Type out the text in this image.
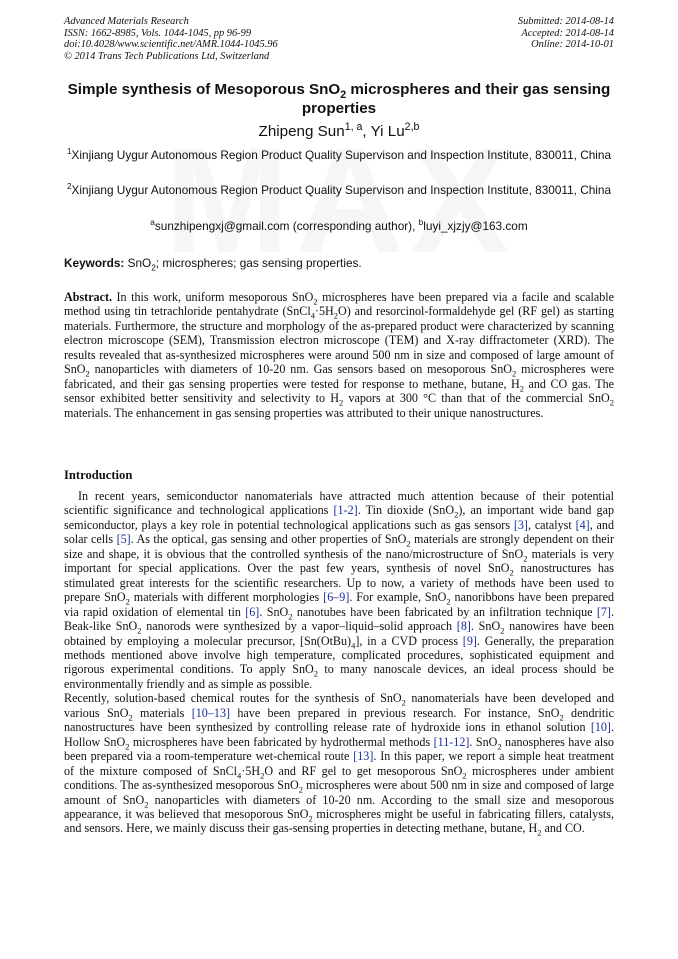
Advanced Materials Research
ISSN: 1662-8985, Vols. 1044-1045, pp 96-99
doi:10.4028/www.scientific.net/AMR.1044-1045.96
© 2014 Trans Tech Publications Ltd, Switzerland
Submitted: 2014-08-14
Accepted: 2014-08-14
Online: 2014-10-01
Simple synthesis of Mesoporous SnO$_2$ microspheres and their gas sensing properties
Zhipeng Sun$^{1, a}$, Yi Lu$^{2,b}$
$^1$Xinjiang Uygur Autonomous Region Product Quality Supervison and Inspection Institute, 830011, China
$^2$Xinjiang Uygur Autonomous Region Product Quality Supervison and Inspection Institute, 830011, China
$^a$sunzhipengxj@gmail.com (corresponding author), $^b$luyi_xjzjy@163.com
Keywords: SnO$_2$; microspheres; gas sensing properties.
Abstract. In this work, uniform mesoporous SnO$_2$ microspheres have been prepared via a facile and scalable method using tin tetrachloride pentahydrate $(SnCl_4\cdot 5H_2O)$ and resorcinol-formaldehyde gel (RF gel) as starting materials. Furthermore, the structure and morphology of the as-prepared product were characterized by scanning electron microscope (SEM), Transmission electron microscope (TEM) and X-ray diffractometer (XRD). The results revealed that as-synthesized microspheres were around 500 nm in size and composed of large amount of SnO$_2$ nanoparticles with diameters of 10-20 nm. Gas sensors based on mesoporous SnO$_2$ microspheres were fabricated, and their gas sensing properties were tested for response to methane, butane, $H_2$ and CO gas. The sensor exhibited better sensitivity and selectivity to $H_2$ vapors at 300 °C than that of the commercial SnO$_2$ materials. The enhancement in gas sensing properties was attributed to their unique nanostructures.
Introduction

In recent years, semiconductor nanomaterials have attracted much attention because of their potential scientific significance and technological applications [1-2]. Tin dioxide (SnO$_2$), an important wide band gap semiconductor, plays a key role in potential technological applications such as gas sensors [3], catalyst [4], and solar cells [5]. As the optical, gas sensing and other properties of SnO$_2$ materials are strongly dependent on their size and shape, it is obvious that the controlled synthesis of the nano/microstructure of SnO$_2$ materials is very important for special applications. Over the past few years, synthesis of novel SnO$_2$ nanostructures has stimulated great interests for the scientific researchers. Up to now, a variety of methods have been used to prepare SnO$_2$ materials with different morphologies [6–9]. For example, SnO$_2$ nanoribbons have been prepared via rapid oxidation of elemental tin [6]. SnO$_2$ nanotubes have been fabricated by an infiltration technique [7]. Beak-like SnO$_2$ nanorods were synthesized by a vapor–liquid–solid approach [8]. SnO$_2$ nanowires have been obtained by employing a molecular precursor, $[Sn(OtBu)_4]$, in a CVD process [9]. Generally, the preparation methods mentioned above involve high temperature, complicated procedures, sophisticated equipment and rigorous experimental conditions. To apply SnO$_2$ to many nanoscale devices, an ideal process should be environmentally friendly and as simple as possible.

Recently, solution-based chemical routes for the synthesis of SnO$_2$ nanomaterials have been developed and various SnO$_2$ materials [10–13] have been prepared in previous research. For instance, SnO$_2$ dendritic nanostructures have been synthesized by controlling release rate of hydroxide ions in ethanol solution [10]. Hollow SnO$_2$ microspheres have been fabricated by hydrothermal methods [11-12]. SnO$_2$ nanospheres have also been prepared via a room-temperature wet-chemical route [13]. In this paper, we report a simple heat treatment of the mixture composed of $SnCl_4\cdot 5H_2O$ and RF gel to get mesoporous SnO$_2$ microspheres under ambient conditions. The as-synthesized mesoporous SnO$_2$ microspheres were about 500 nm in size and composed of large amount of SnO$_2$ nanoparticles with diameters of 10-20 nm. According to the small size and mesoporous appearance, it was believed that mesoporous SnO$_2$ microspheres might be useful in fabricating fillers, catalysts, and sensors. Here, we mainly discuss their gas-sensing properties in detecting methane, butane, $H_2$ and CO.
